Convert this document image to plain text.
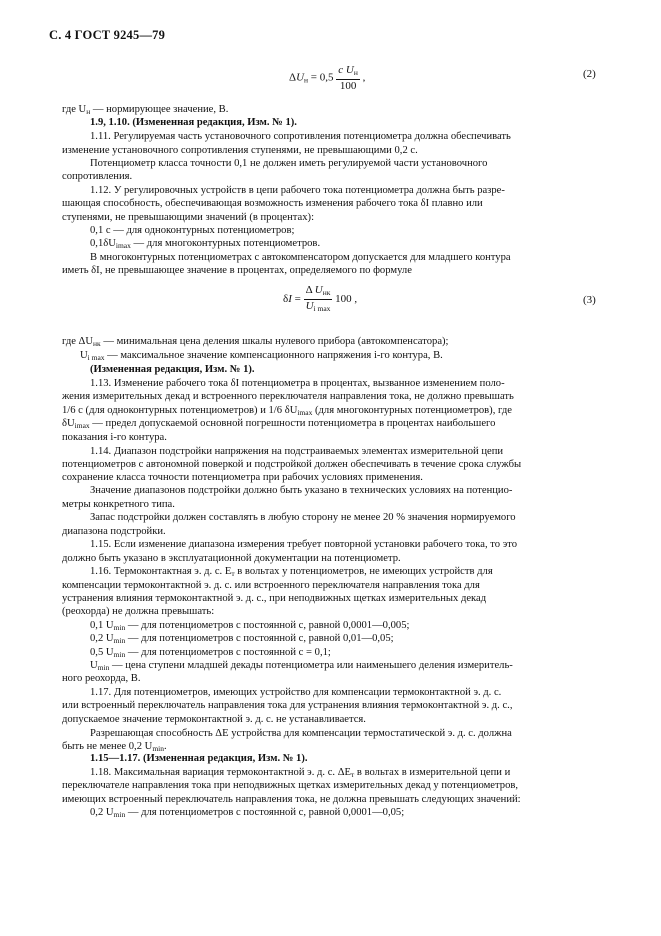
С. 4 ГОСТ 9245—79
$\Delta U_н = 0,5 \frac{c U_н}{100}$ ,	(2)
где $U_н$ — нормирующее значение, В.
1.9, 1.10. (Измененная редакция, Изм. № 1).
1.11. Регулируемая часть установочного сопротивления потенциометра должна обеспечивать
изменение установочного сопротивления ступенями, не превышающими 0,2 c.
Потенциометр класса точности 0,1 не должен иметь регулируемой части установочного
сопротивления.
1.12. У регулировочных устройств в цепи рабочего тока потенциометра должна быть разре-
шающая способность, обеспечивающая возможность изменения рабочего тока δI плавно или
ступенями, не превышающими значений (в процентах):
0,1 c — для одноконтурных потенциометров;
$0,1\delta U_{imax}$ — для многоконтурных потенциометров.
В многоконтурных потенциометрах с автокомпенсатором допускается для младшего контура
иметь δI, не превышающее значение в процентах, определяемого по формуле
$\delta I = \frac{\Delta U_{нк}}{U_{i max}} 100$ ,	(3)
где $\Delta U_{нк}$ — минимальная цена деления шкалы нулевого прибора (автокомпенсатора);
$U_{i max}$ — максимальное значение компенсационного напряжения i-го контура, В.
(Измененная редакция, Изм. № 1).
1.13. Изменение рабочего тока δI потенциометра в процентах, вызванное изменением поло-
жения измерительных декад и встроенного переключателя направления тока, не должно превышать
1/6 c (для одноконтурных потенциометров) и 1/6 $\delta U_{imax}$ (для многоконтурных потенциометров), где
$\delta U_{imax}$ — предел допускаемой основной погрешности потенциометра в процентах наибольшего
показания i-го контура.
1.14. Диапазон подстройки напряжения на подстраиваемых элементах измерительной цепи
потенциометров с автономной поверкой и подстройкой должен обеспечивать в течение срока службы
сохранение класса точности потенциометра при рабочих условиях применения.
Значение диапазонов подстройки должно быть указано в технических условиях на потенцио-
метры конкретного типа.
Запас подстройки должен составлять в любую сторону не менее 20 % значения нормируемого
диапазона подстройки.
1.15. Если изменение диапазона измерения требует повторной установки рабочего тока, то это
должно быть указано в эксплуатационной документации на потенциометр.
1.16. Термоконтактная э. д. с. $E_т$ в вольтах у потенциометров, не имеющих устройств для
компенсации термоконтактной э. д. с. или встроенного переключателя направления тока для
устранения влияния термоконтактной э. д. с., при неподвижных щетках измерительных декад
(реохорда) не должна превышать:
0,1 $U_{min}$ — для потенциометров с постоянной c, равной 0,0001—0,005;
0,2 $U_{min}$ — для потенциометров с постоянной c, равной 0,01—0,05;
0,5 $U_{min}$ — для потенциометров с постоянной c = 0,1;
$U_{min}$ — цена ступени младшей декады потенциометра или наименьшего деления измеритель-
ного реохорда, В.
1.17. Для потенциометров, имеющих устройство для компенсации термоконтактной э. д. с.
или встроенный переключатель направления тока для устранения влияния термоконтактной э. д. с.,
допускаемое значение термоконтактной э. д. с. не устанавливается.
Разрешающая способность ΔE устройства для компенсации термостатической э. д. с. должна
быть не менее 0,2 $U_{min}$.
1.15—1.17. (Измененная редакция, Изм. № 1).
1.18. Максимальная вариация термоконтактной э. д. с. $\Delta E_т$ в вольтах в измерительной цепи и
переключателе направления тока при неподвижных щетках измерительных декад у потенциометров,
имеющих встроенный переключатель направления тока, не должна превышать следующих значений:
0,2 $U_{min}$ — для потенциометров с постоянной c, равной 0,0001—0,05;
